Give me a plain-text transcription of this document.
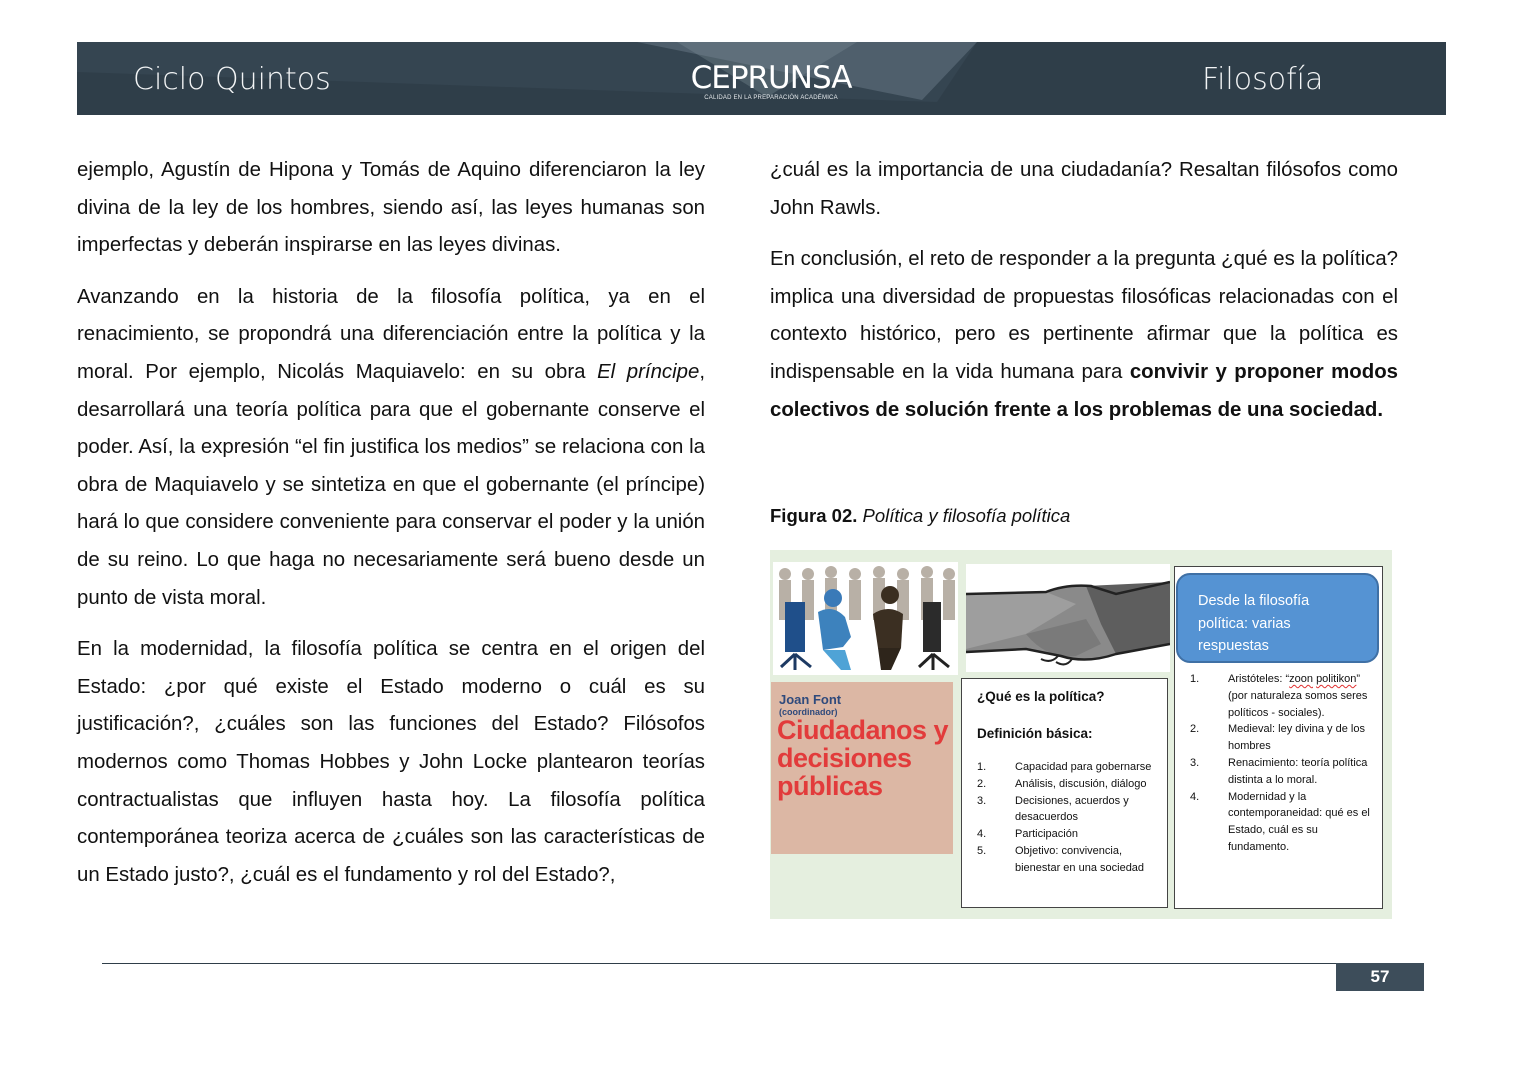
Ciclo Quintos	CEPRUNSA
CALIDAD EN LA PREPARACIÓN ACADÉMICA
Filosofía

ejemplo, Agustín de Hipona y Tomás de Aquino diferenciaron la ley divina de la ley de los hombres, siendo así, las leyes humanas son imperfectas y deberán inspirarse en las leyes divinas.

Avanzando en la historia de la filosofía política, ya en el renacimiento, se propondrá una diferenciación entre la política y la moral. Por ejemplo, Nicolás Maquiavelo: en su obra El príncipe, desarrollará una teoría política para que el gobernante conserve el poder. Así, la expresión “el fin justifica los medios” se relaciona con la obra de Maquiavelo y se sintetiza en que el gobernante (el príncipe) hará lo que considere conveniente para conservar el poder y la unión de su reino. Lo que haga no necesariamente será bueno desde un punto de vista moral.

En la modernidad, la filosofía política se centra en el origen del Estado: ¿por qué existe el Estado moderno o cuál es su justificación?, ¿cuáles son las funciones del Estado? Filósofos modernos como Thomas Hobbes y John Locke plantearon teorías contractualistas que influyen hasta hoy. La filosofía política contemporánea teoriza acerca de ¿cuáles son las características de un Estado justo?, ¿cuál es el fundamento y rol del Estado?,

¿cuál es la importancia de una ciudadanía? Resaltan filósofos como John Rawls.

En conclusión, el reto de responder a la pregunta ¿qué es la política? implica una diversidad de propuestas filosóficas relacionadas con el contexto histórico, pero es pertinente afirmar que la política es indispensable en la vida humana para convivir y proponer modos colectivos de solución frente a los problemas de una sociedad.

Figura 02. Política y filosofía política
Joan Font
(coordinador)
Ciudadanos y decisiones públicas
¿Qué es la política?
Definición básica:
1.	Capacidad para gobernarse
2.	Análisis, discusión, diálogo
3.	Decisiones, acuerdos y desacuerdos
4.	Participación
5.	Objetivo: convivencia, bienestar en una sociedad
Desde la filosofía política: varias respuestas
1.	Aristóteles: “zoon politikon” (por naturaleza somos seres políticos - sociales).
2.	Medieval: ley divina y de los hombres
3.	Renacimiento: teoría política distinta a lo moral.
4.	Modernidad y la contemporaneidad: qué es el Estado, cuál es su fundamento.
57
